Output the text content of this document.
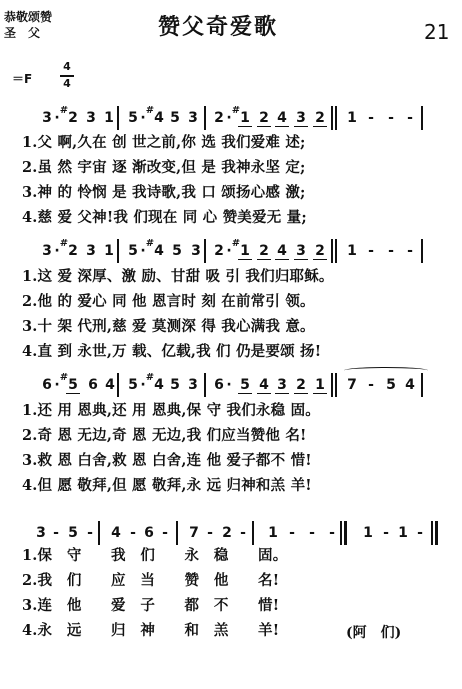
恭敬颂赞
圣　父	赞父奇爱歌	21
＝F
4
4
3 · # 2 3 1 5 · # 4 5 3 2 · # 1 2 4 3 2 1 - - -
3 · # 2 3 1 5 · # 4 5 3 2 · # 1 2 4 3 2 1 - - -
6 · # 5 6 4 5 · # 4 5 3 6 · 5 4 3 2 1 7 - 5 4
3 - 5 - 4 - 6 - 7 - 2 - 1 - - - 1 - 1 -
1.父 啊,久在 创 世之前,你 选 我们爱难 述;
2.虽 然 宇宙 逐 渐改变,但 是 我神永坚 定;
3.神 的 怜悯 是 我诗歌,我 口 颂扬心感 激;
4.慈 爱 父神!我 们现在 同 心 赞美爱无 量;
1.这 爱 深厚、激 励、甘甜 吸 引 我们归耶稣。
2.他 的 爱心 同 他 恩言时 刻 在前常引 领。
3.十 架 代刑,慈 爱 莫测深 得 我心满我 意。
4.直 到 永世,万 载、亿载,我 们 仍是要颂 扬!
1.还 用 恩典,还 用 恩典,保 守 我们永稳 固。
2.奇 恩 无边,奇 恩 无边,我 们应当赞他 名!
3.救 恩 白舍,救 恩 白舍,连 他 爱子都不 惜!
4.但 愿 敬拜,但 愿 敬拜,永 远 归神和羔 羊!
1.保　守　　我　们　　永　稳　　固。
2.我　们　　应　当　　赞　他　　名!
3.连　他　　爱　子　　都　不　　惜!
4.永　远　　归　神　　和　羔　　羊!	(阿　们)
